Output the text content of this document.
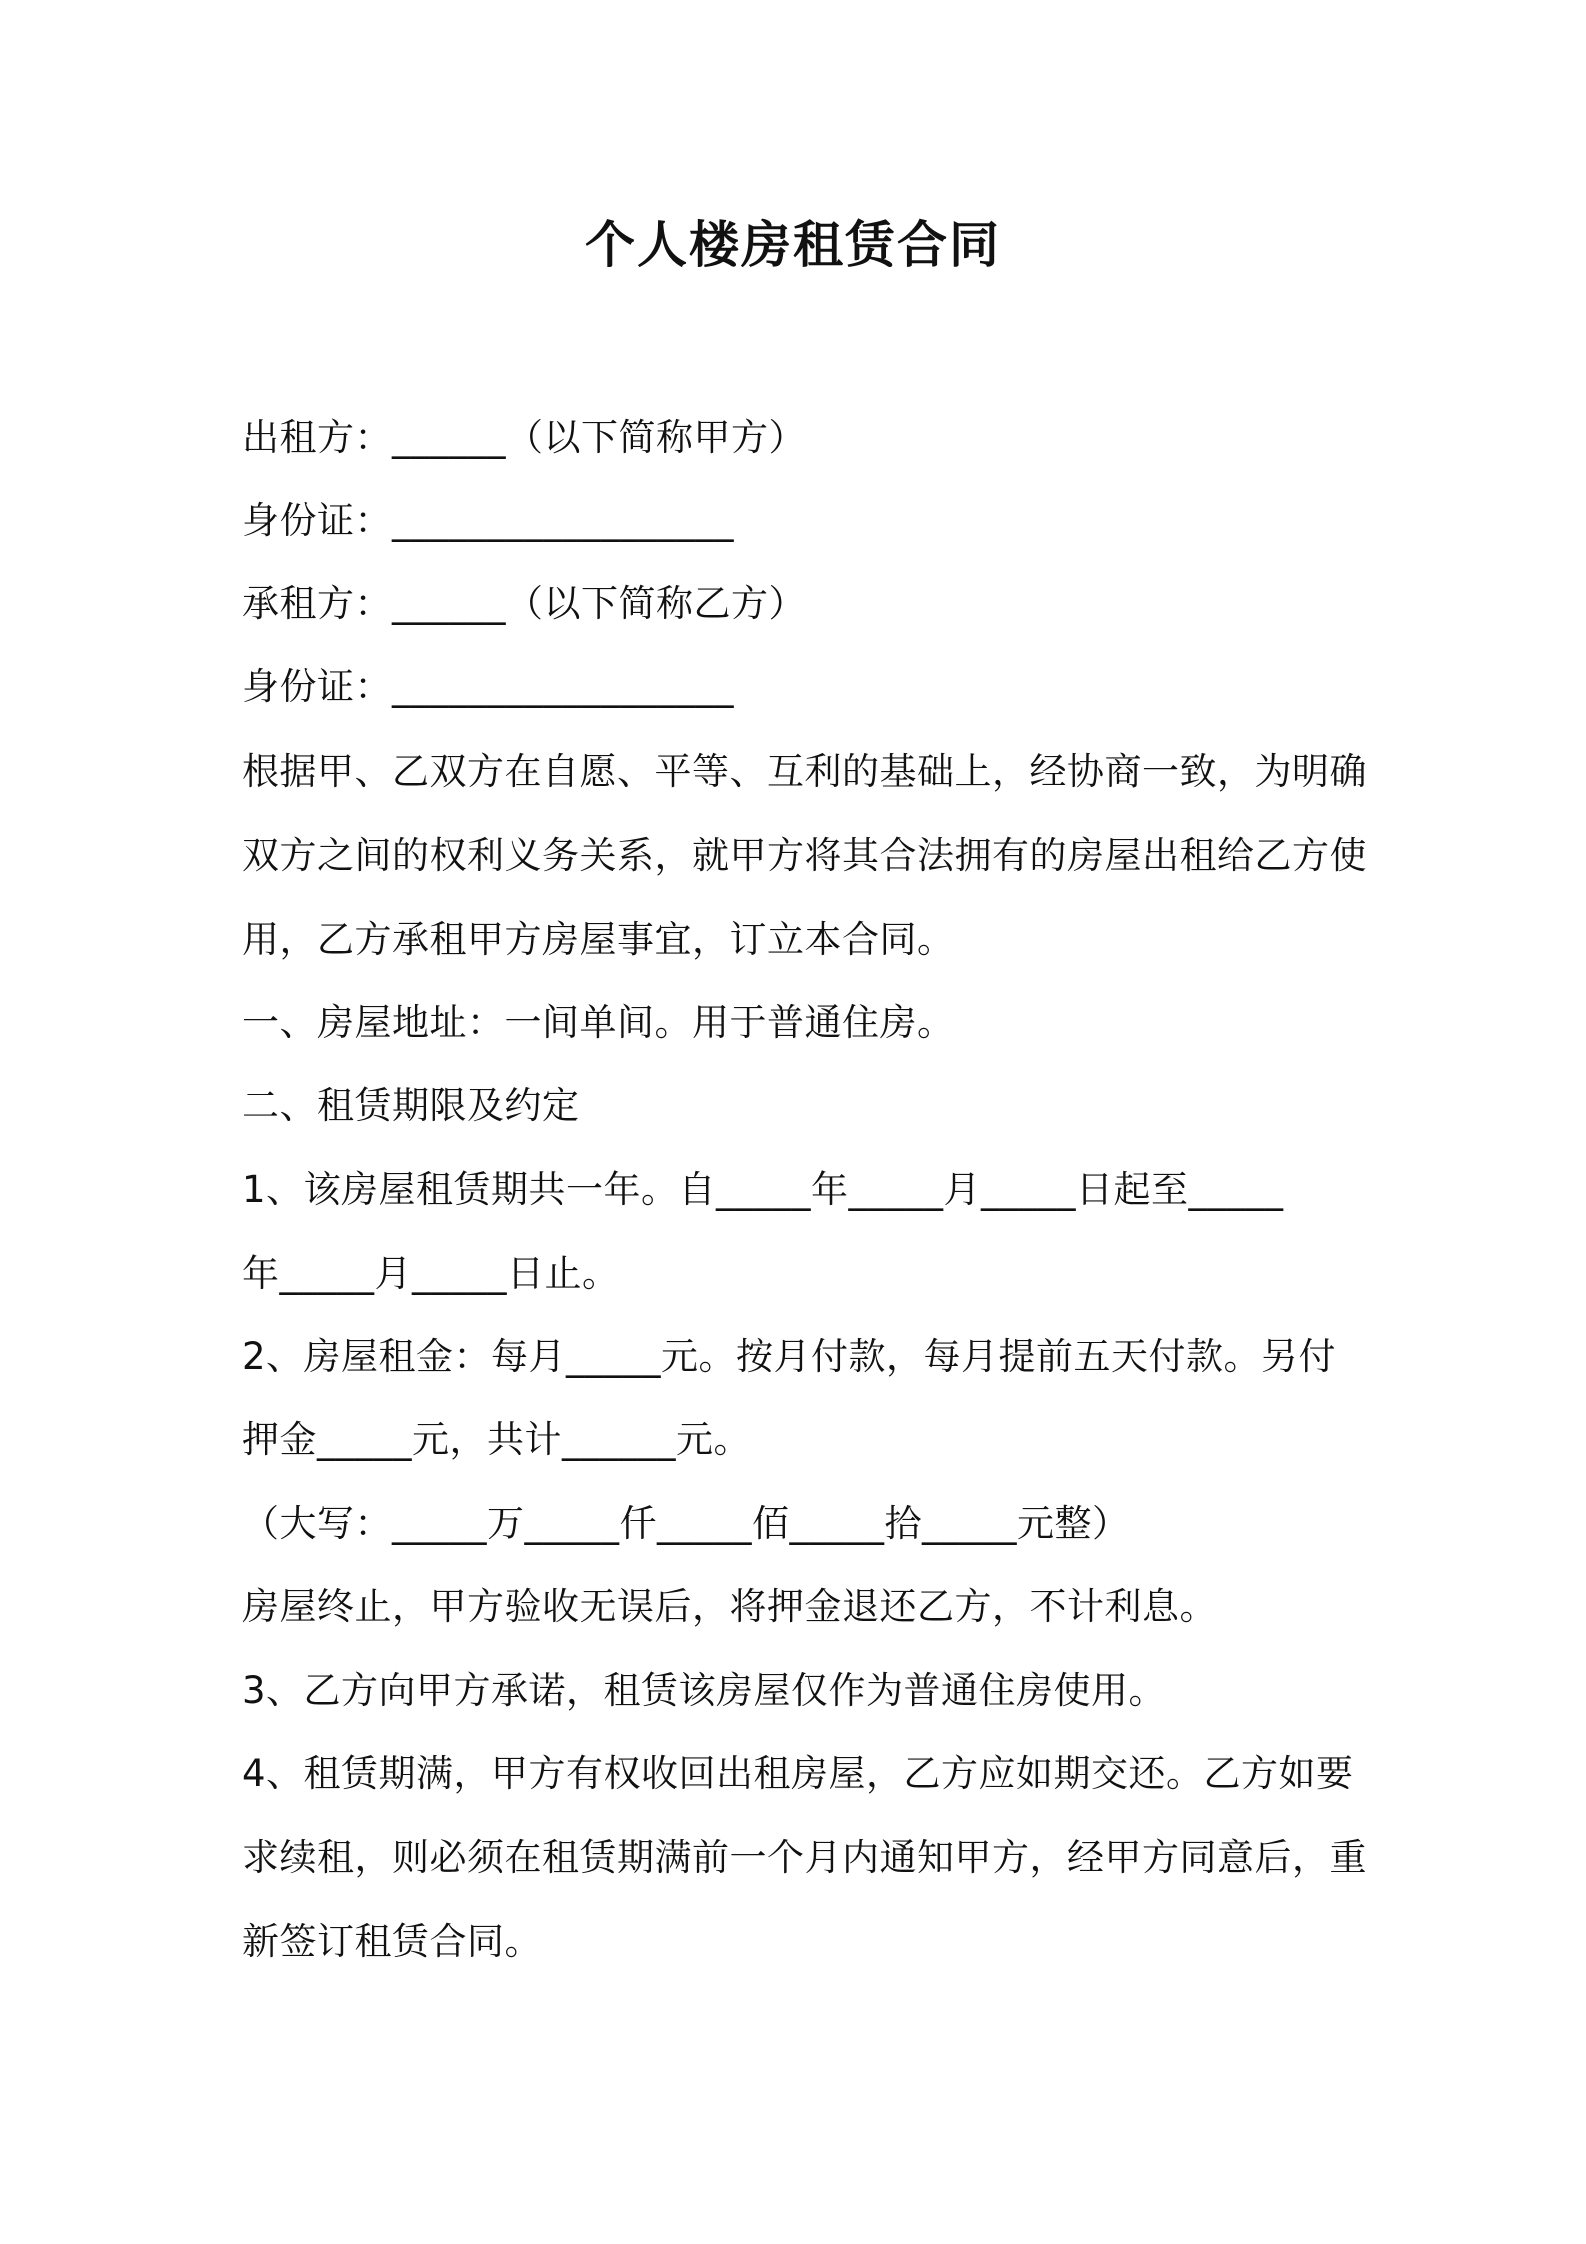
个人楼房租赁合同
出租方：______（以下简称甲方）
身份证：__________________
承租方：______（以下简称乙方）
身份证：__________________
根据甲、乙双方在自愿、平等、互利的基础上，经协商一致，为明确
双方之间的权利义务关系，就甲方将其合法拥有的房屋出租给乙方使
用，乙方承租甲方房屋事宜，订立本合同。
一、房屋地址：一间单间。用于普通住房。
二、租赁期限及约定
1、该房屋租赁期共一年。自_____年_____月_____日起至_____
年_____月_____日止。
2、房屋租金：每月_____元。按月付款，每月提前五天付款。另付
押金_____元，共计______元。
（大写：_____万_____仟_____佰_____拾_____元整）
房屋终止，甲方验收无误后，将押金退还乙方，不计利息。
3、乙方向甲方承诺，租赁该房屋仅作为普通住房使用。
4、租赁期满，甲方有权收回出租房屋，乙方应如期交还。乙方如要
求续租，则必须在租赁期满前一个月内通知甲方，经甲方同意后，重
新签订租赁合同。
